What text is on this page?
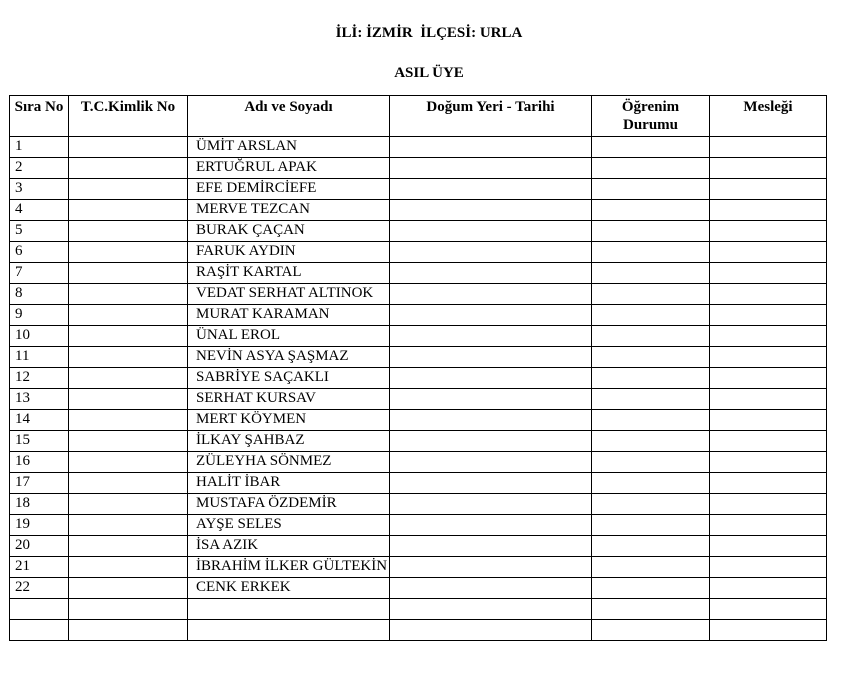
İLİ: İZMİR  İLÇESİ: URLA
ASIL ÜYE
Sıra No	T.C.Kimlik No	Adı ve Soyadı	Doğum Yeri - Tarihi	Öğrenim Durumu	Mesleği
1		ÜMİT ARSLAN			
2		ERTUĞRUL APAK			
3		EFE DEMİRCİEFE			
4		MERVE TEZCAN			
5		BURAK ÇAÇAN			
6		FARUK AYDIN			
7		RAŞİT KARTAL			
8		VEDAT SERHAT ALTINOK			
9		MURAT KARAMAN			
10		ÜNAL EROL			
11		NEVİN ASYA ŞAŞMAZ			
12		SABRİYE SAÇAKLI			
13		SERHAT KURSAV			
14		MERT KÖYMEN			
15		İLKAY ŞAHBAZ			
16		ZÜLEYHA SÖNMEZ			
17		HALİT İBAR			
18		MUSTAFA ÖZDEMİR			
19		AYŞE SELES			
20		İSA AZIK			
21		İBRAHİM İLKER GÜLTEKİN			
22		CENK ERKEK			
